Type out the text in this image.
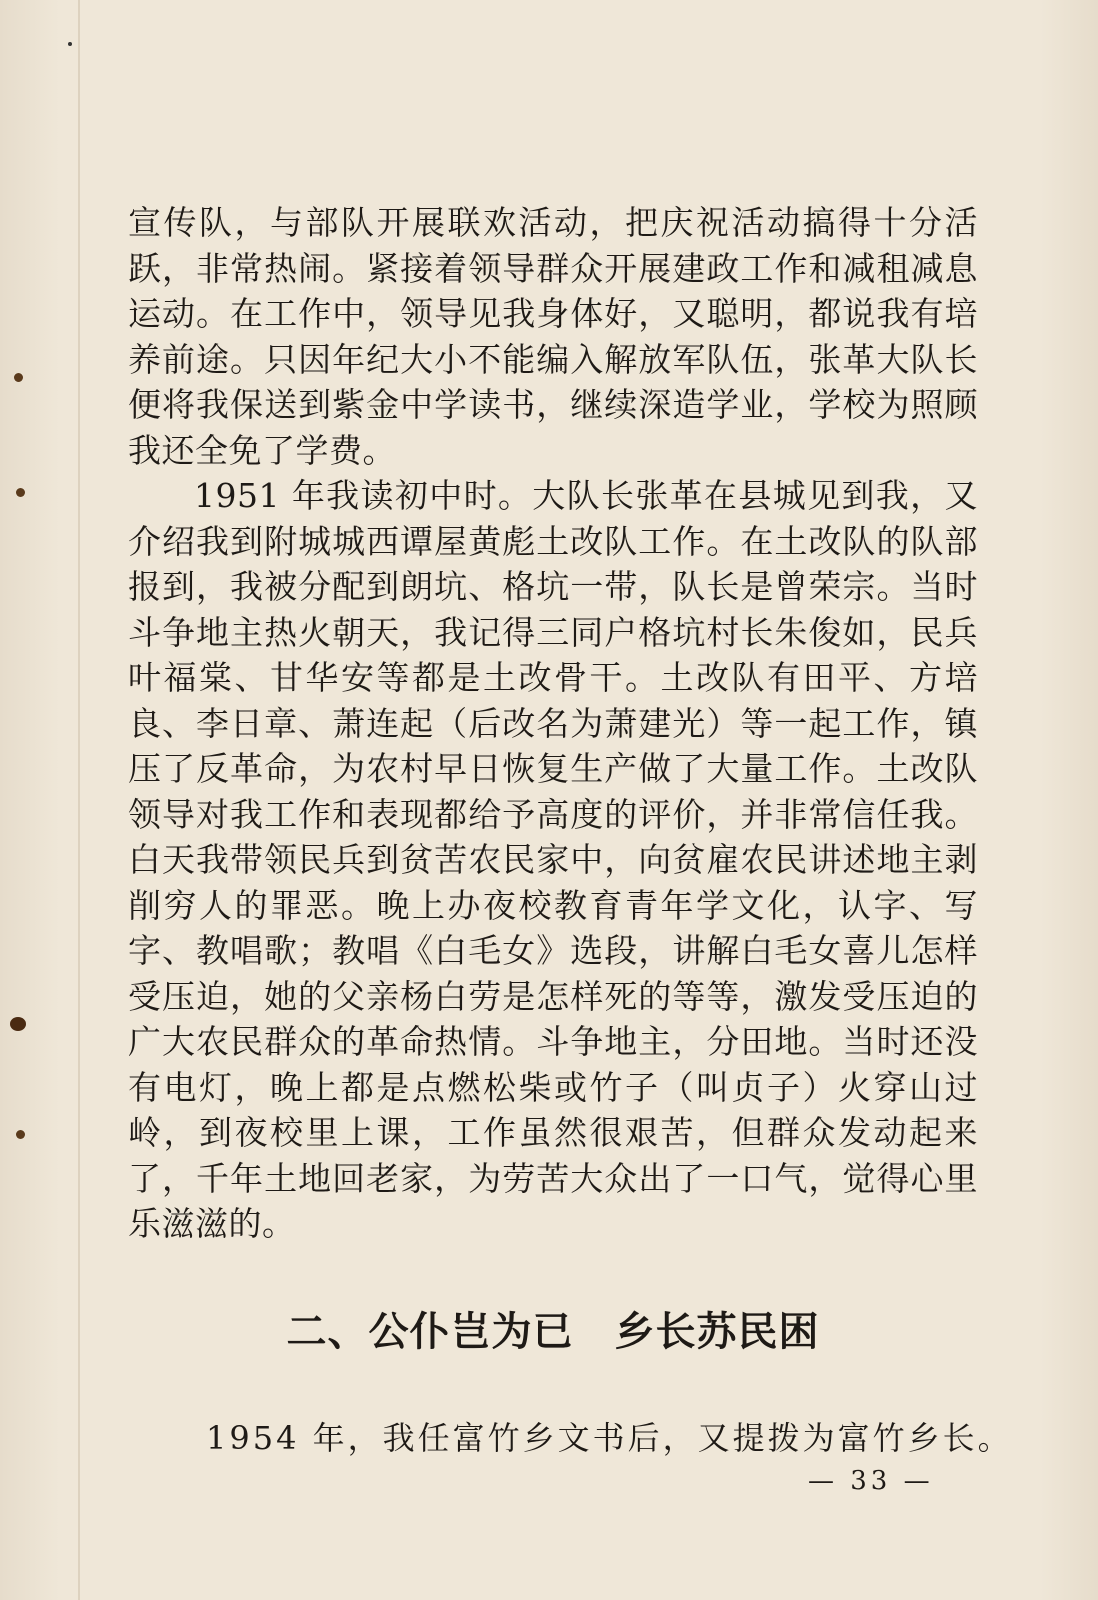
宣传队，与部队开展联欢活动，把庆祝活动搞得十分活跃，非常热闹。紧接着领导群众开展建政工作和减租减息运动。在工作中，领导见我身体好，又聪明，都说我有培养前途。只因年纪大小不能编入解放军队伍，张革大队长便将我保送到紫金中学读书，继续深造学业，学校为照顾我还全免了学费。

1951 年我读初中时。大队长张革在县城见到我，又介绍我到附城城西谭屋黄彪土改队工作。在土改队的队部报到，我被分配到朗坑、格坑一带，队长是曾荣宗。当时斗争地主热火朝天，我记得三同户格坑村长朱俊如，民兵叶福棠、甘华安等都是土改骨干。土改队有田平、方培良、李日章、萧连起（后改名为萧建光）等一起工作，镇压了反革命，为农村早日恢复生产做了大量工作。土改队领导对我工作和表现都给予高度的评价，并非常信任我。白天我带领民兵到贫苦农民家中，向贫雇农民讲述地主剥削穷人的罪恶。晚上办夜校教育青年学文化，认字、写字、教唱歌；教唱《白毛女》选段，讲解白毛女喜儿怎样受压迫，她的父亲杨白劳是怎样死的等等，激发受压迫的广大农民群众的革命热情。斗争地主，分田地。当时还没有电灯，晚上都是点燃松柴或竹子（叫贞子）火穿山过岭，到夜校里上课，工作虽然很艰苦，但群众发动起来了，千年土地回老家，为劳苦大众出了一口气，觉得心里乐滋滋的。

二、公仆岂为已　乡长苏民困
1954 年，我任富竹乡文书后，又提拨为富竹乡长。
— 33 —
